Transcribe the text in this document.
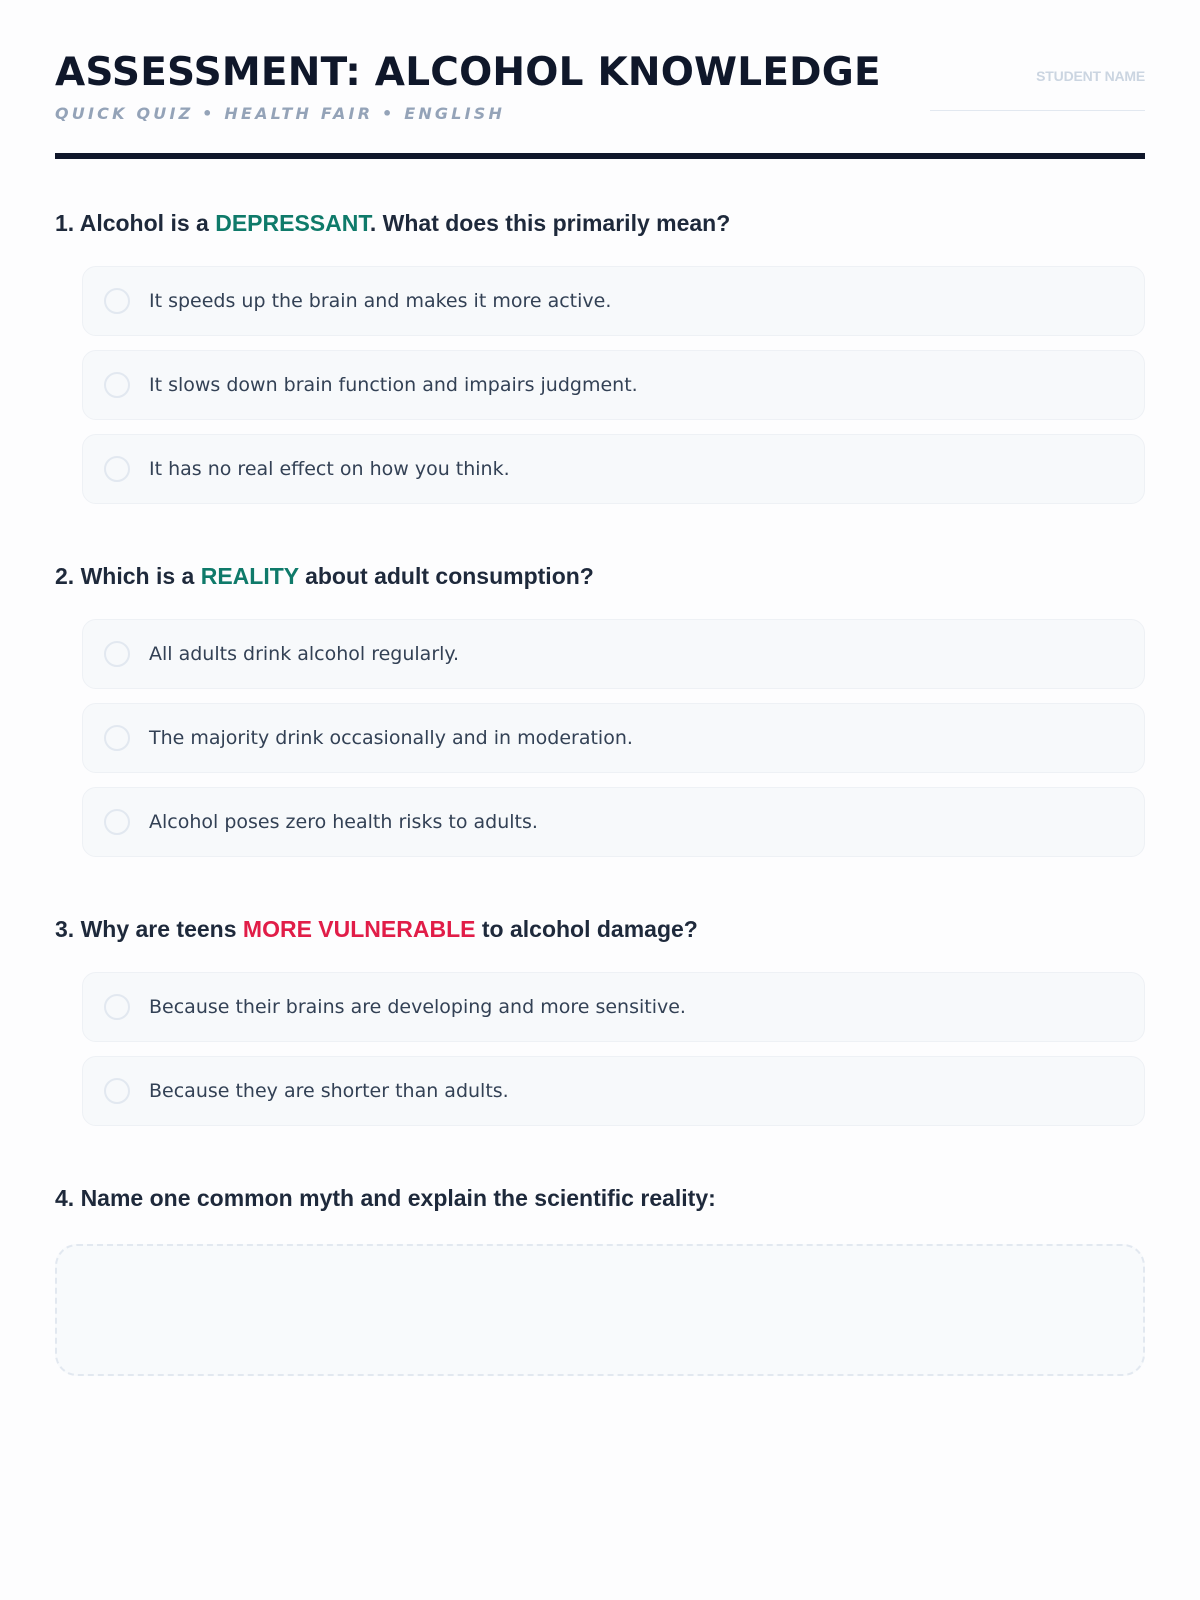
ASSESSMENT: ALCOHOL KNOWLEDGE
QUICK QUIZ • HEALTH FAIR • ENGLISH
STUDENT NAME
1. Alcohol is a DEPRESSANT. What does this primarily mean?
It speeds up the brain and makes it more active.
It slows down brain function and impairs judgment.
It has no real effect on how you think.
2. Which is a REALITY about adult consumption?
All adults drink alcohol regularly.
The majority drink occasionally and in moderation.
Alcohol poses zero health risks to adults.
3. Why are teens MORE VULNERABLE to alcohol damage?
Because their brains are developing and more sensitive.
Because they are shorter than adults.
4. Name one common myth and explain the scientific reality:
